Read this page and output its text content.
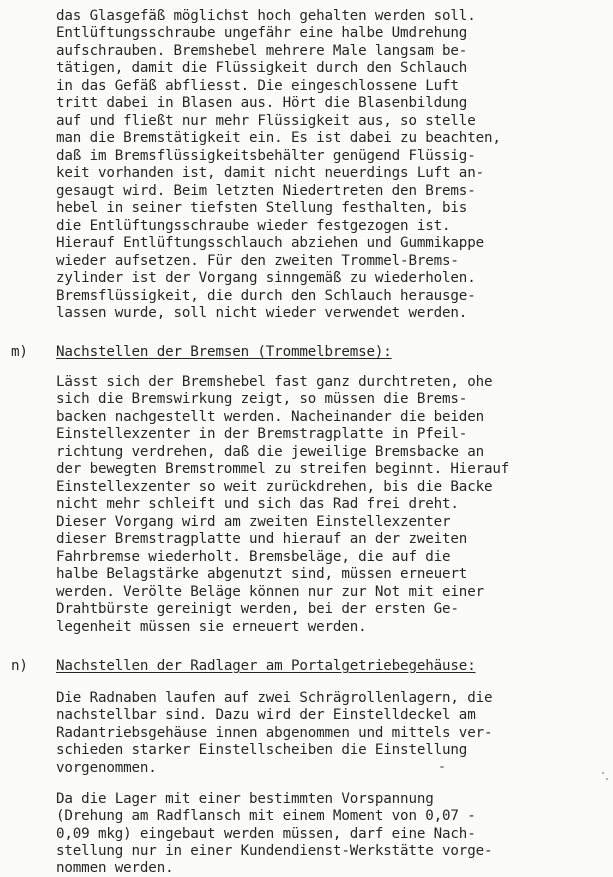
das Glasgefäß möglichst hoch gehalten werden soll.
Entlüftungsschraube ungefähr eine halbe Umdrehung
aufschrauben. Bremshebel mehrere Male langsam be-
tätigen, damit die Flüssigkeit durch den Schlauch
in das Gefäß abfliesst. Die eingeschlossene Luft
tritt dabei in Blasen aus. Hört die Blasenbildung
auf und fließt nur mehr Flüssigkeit aus, so stelle
man die Bremstätigkeit ein. Es ist dabei zu beachten,
daß im Bremsflüssigkeitsbehälter genügend Flüssig-
keit vorhanden ist, damit nicht neuerdings Luft an-
gesaugt wird. Beim letzten Niedertreten den Brems-
hebel in seiner tiefsten Stellung festhalten, bis
die Entlüftungsschraube wieder festgezogen ist.
Hierauf Entlüftungsschlauch abziehen und Gummikappe
wieder aufsetzen. Für den zweiten Trommel-Brems-
zylinder ist der Vorgang sinngemäß zu wiederholen.
Bremsflüssigkeit, die durch den Schlauch herausge-
lassen wurde, soll nicht wieder verwendet werden.
m) Nachstellen der Bremsen (Trommelbremse):
Lässt sich der Bremshebel fast ganz durchtreten, ohe
sich die Bremswirkung zeigt, so müssen die Brems-
backen nachgestellt werden. Nacheinander die beiden
Einstellexzenter in der Bremstragplatte in Pfeil-
richtung verdrehen, daß die jeweilige Bremsbacke an
der bewegten Bremstrommel zu streifen beginnt. Hierauf
Einstellexzenter so weit zurückdrehen, bis die Backe
nicht mehr schleift und sich das Rad frei dreht.
Dieser Vorgang wird am zweiten Einstellexzenter
dieser Bremstragplatte und hierauf an der zweiten
Fahrbremse wiederholt. Bremsbeläge, die auf die
halbe Belagstärke abgenutzt sind, müssen erneuert
werden. Verölte Beläge können nur zur Not mit einer
Drahtbürste gereinigt werden, bei der ersten Ge-
legenheit müssen sie erneuert werden.
n) Nachstellen der Radlager am Portalgetriebegehäuse:
Die Radnaben laufen auf zwei Schrägrollenlagern, die
nachstellbar sind. Dazu wird der Einstelldeckel am
Radantriebsgehäuse innen abgenommen und mittels ver-
schieden starker Einstellscheiben die Einstellung
vorgenommen.
Da die Lager mit einer bestimmten Vorspannung
(Drehung am Radflansch mit einem Moment von 0,07 -
0,09 mkg) eingebaut werden müssen, darf eine Nach-
stellung nur in einer Kundendienst-Werkstätte vorge-
nommen werden.
